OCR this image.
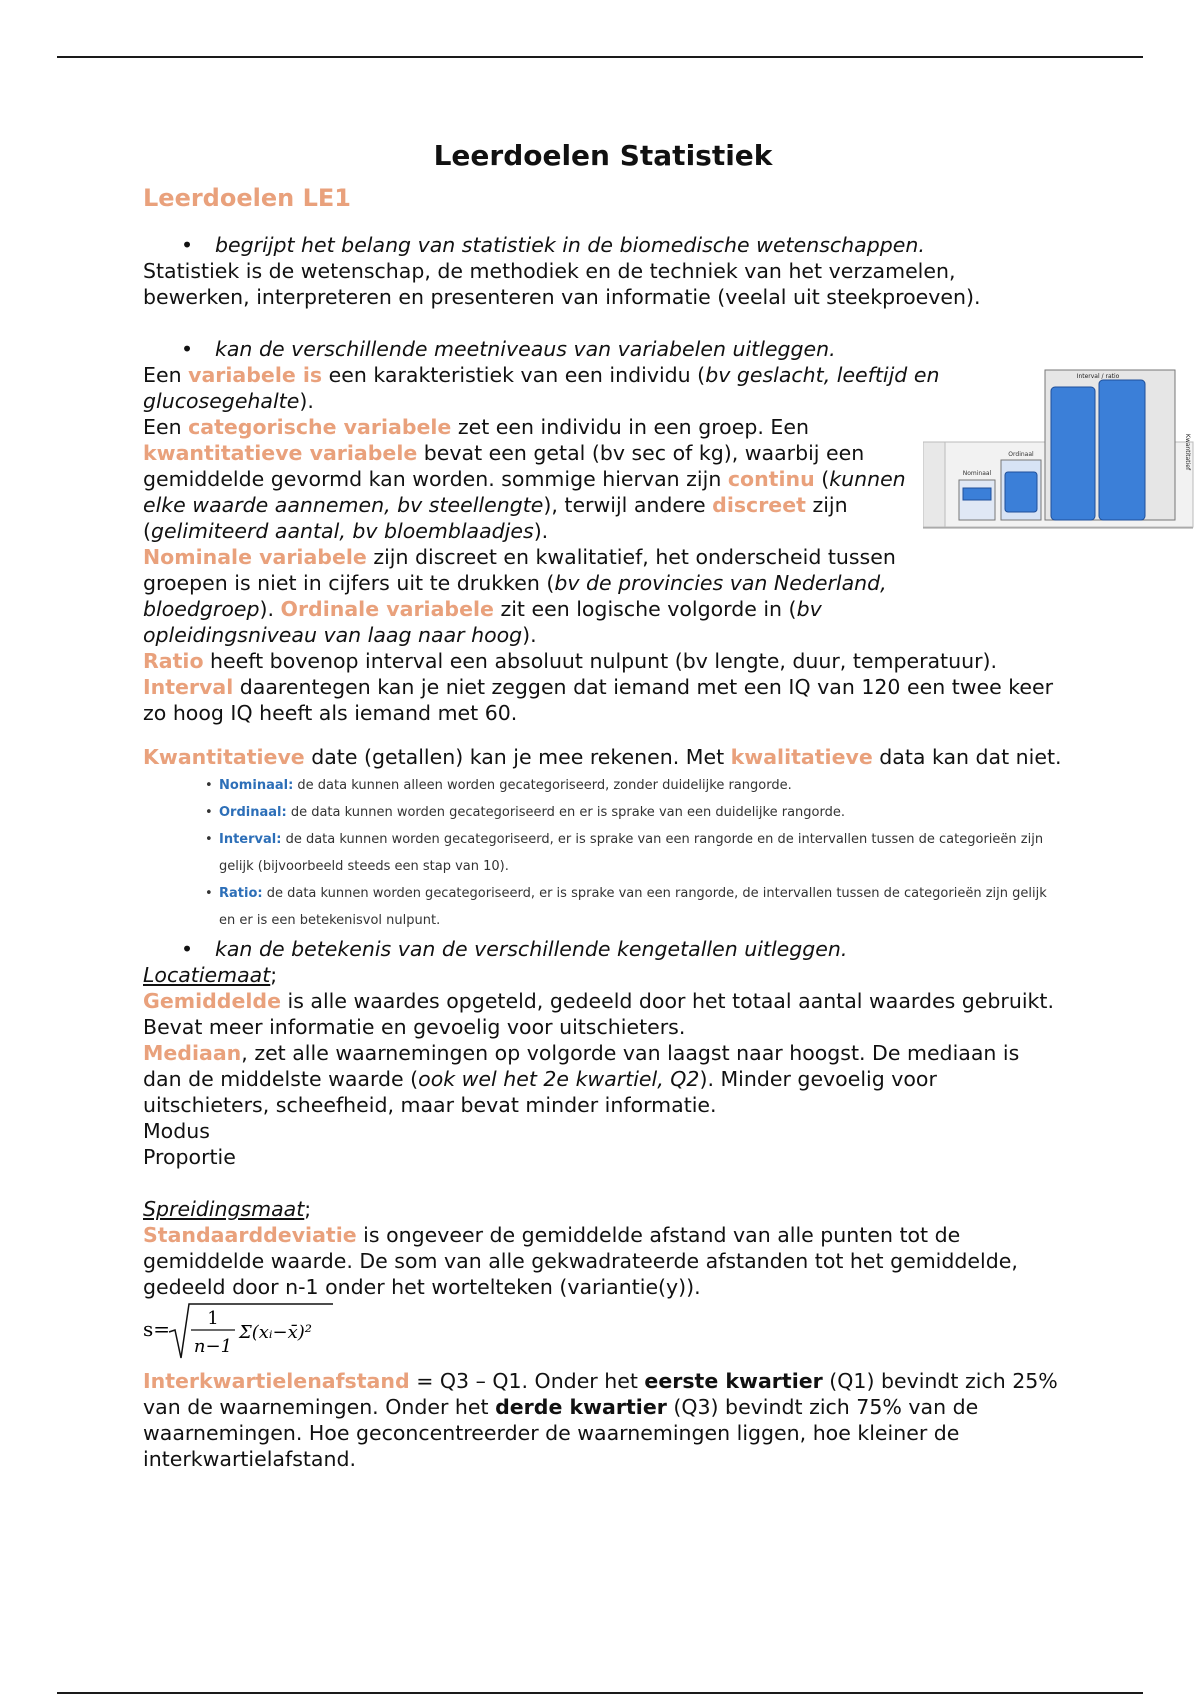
Leerdoelen Statistiek
Leerdoelen LE1

• begrijpt het belang van statistiek in de biomedische wetenschappen.

Statistiek is de wetenschap, de methodiek en de techniek van het verzamelen, bewerken, interpreteren en presenteren van informatie (veelal uit steekproeven).

• kan de verschillende meetniveaus van variabelen uitleggen.

Een variabele is een karakteristiek van een individu (bv geslacht, leeftijd en glucosegehalte).

Nominaal
Ordinaal
Interval / ratio
Kwantitatief

Een categorische variabele zet een individu in een groep. Een kwantitatieve variabele bevat een getal (bv sec of kg), waarbij een gemiddelde gevormd kan worden. sommige hiervan zijn continu (kunnen elke waarde aannemen, bv steellengte), terwijl andere discreet zijn (gelimiteerd aantal, bv bloemblaadjes).

Nominale variabele zijn discreet en kwalitatief, het onderscheid tussen groepen is niet in cijfers uit te drukken (bv de provincies van Nederland, bloedgroep). Ordinale variabele zit een logische volgorde in (bv opleidingsniveau van laag naar hoog).

Ratio heeft bovenop interval een absoluut nulpunt (bv lengte, duur, temperatuur). Interval daarentegen kan je niet zeggen dat iemand met een IQ van 120 een twee keer zo hoog IQ heeft als iemand met 60.

Kwantitatieve date (getallen) kan je mee rekenen. Met kwalitatieve data kan dat niet.

• Nominaal: de data kunnen alleen worden gecategoriseerd, zonder duidelijke rangorde.
• Ordinaal: de data kunnen worden gecategoriseerd en er is sprake van een duidelijke rangorde.
• Interval: de data kunnen worden gecategoriseerd, er is sprake van een rangorde en de intervallen tussen de categorieën zijn gelijk (bijvoorbeeld steeds een stap van 10).
• Ratio: de data kunnen worden gecategoriseerd, er is sprake van een rangorde, de intervallen tussen de categorieën zijn gelijk en er is een betekenisvol nulpunt.

• kan de betekenis van de verschillende kengetallen uitleggen.

Locatiemaat;

Gemiddelde is alle waardes opgeteld, gedeeld door het totaal aantal waardes gebruikt. Bevat meer informatie en gevoelig voor uitschieters.

Mediaan, zet alle waarnemingen op volgorde van laagst naar hoogst. De mediaan is dan de middelste waarde (ook wel het 2e kwartiel, Q2). Minder gevoelig voor uitschieters, scheefheid, maar bevat minder informatie.

Modus

Proportie

Spreidingsmaat;

Standaarddeviatie is ongeveer de gemiddelde afstand van alle punten tot de gemiddelde waarde. De som van alle gekwadrateerde afstanden tot het gemiddelde, gedeeld door n-1 onder het wortelteken (variantie(y)).

s= 1
n−1
Σ(xᵢ−x̄)²

Interkwartielenafstand = Q3 – Q1. Onder het eerste kwartier (Q1) bevindt zich 25% van de waarnemingen. Onder het derde kwartier (Q3) bevindt zich 75% van de waarnemingen. Hoe geconcentreerder de waarnemingen liggen, hoe kleiner de interkwartielafstand.
